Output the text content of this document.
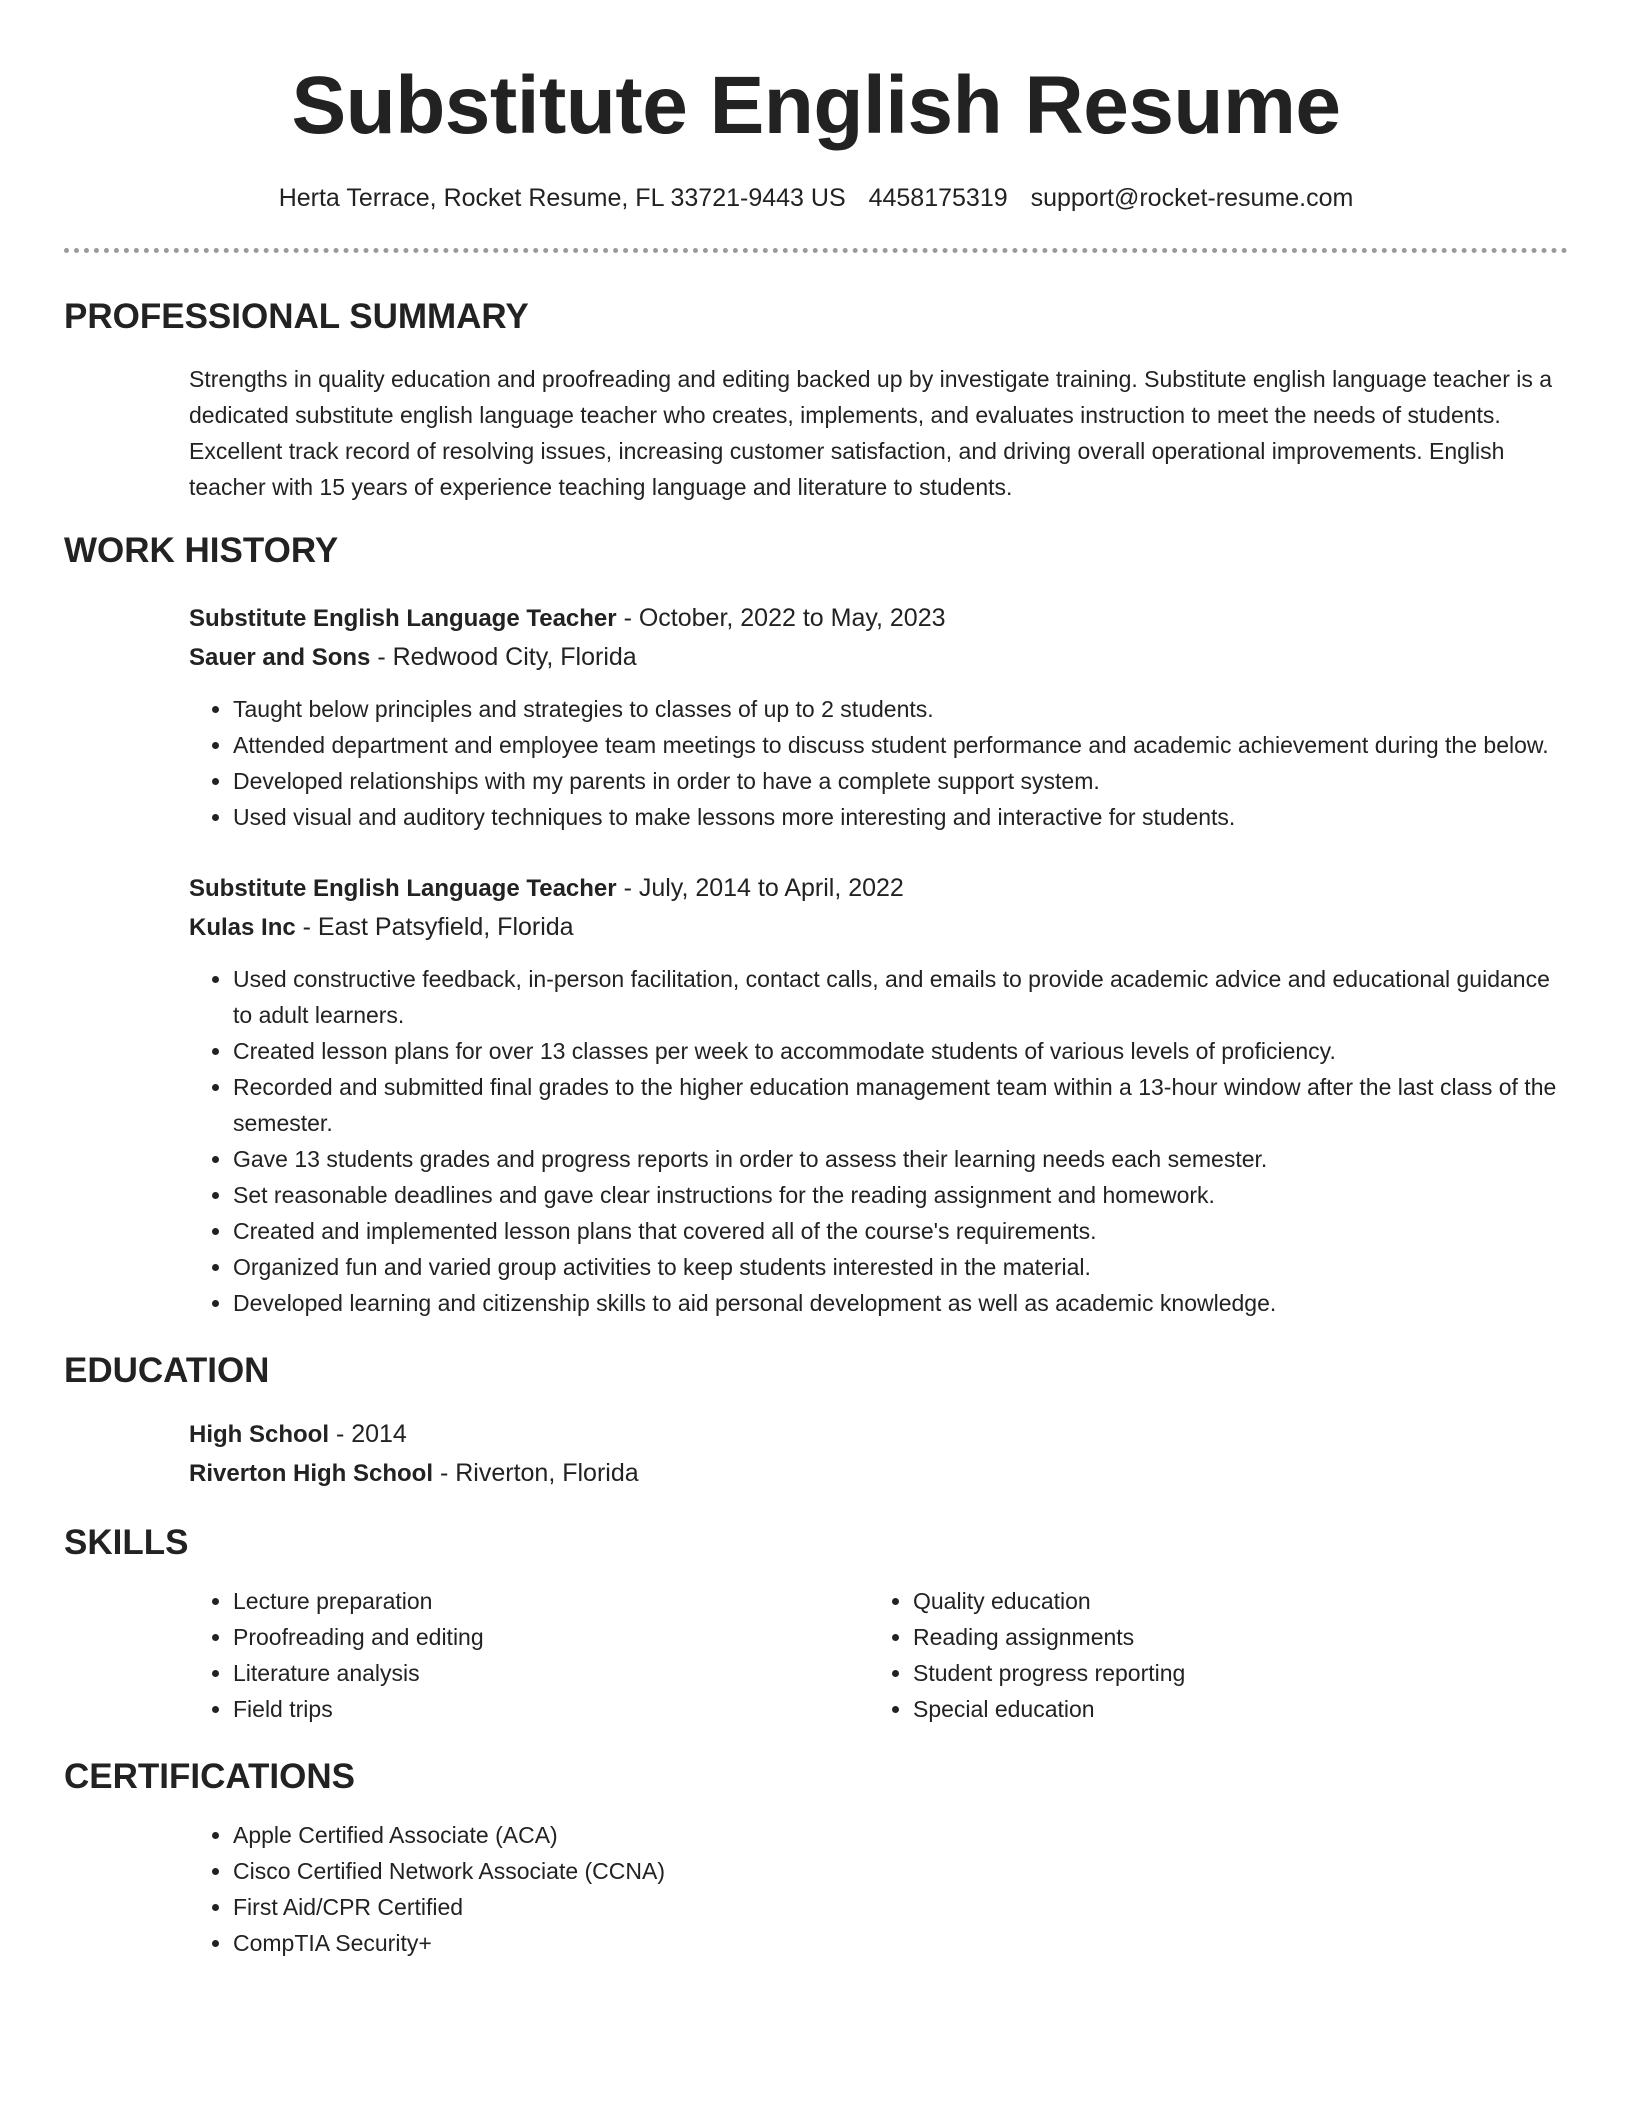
Substitute English Resume
Herta Terrace, Rocket Resume, FL 33721-9443 US 4458175319 support@rocket-resume.com
PROFESSIONAL SUMMARY

Strengths in quality education and proofreading and editing backed up by investigate training. Substitute english language teacher is a dedicated substitute english language teacher who creates, implements, and evaluates instruction to meet the needs of students. Excellent track record of resolving issues, increasing customer satisfaction, and driving overall operational improvements. English teacher with 15 years of experience teaching language and literature to students.

WORK HISTORY
Substitute English Language Teacher - October, 2022 to May, 2023
Sauer and Sons - Redwood City, Florida
• Taught below principles and strategies to classes of up to 2 students.
• Attended department and employee team meetings to discuss student performance and academic achievement during the below.
• Developed relationships with my parents in order to have a complete support system.
• Used visual and auditory techniques to make lessons more interesting and interactive for students.
Substitute English Language Teacher - July, 2014 to April, 2022
Kulas Inc - East Patsyfield, Florida
• Used constructive feedback, in-person facilitation, contact calls, and emails to provide academic advice and educational guidance to adult learners.
• Created lesson plans for over 13 classes per week to accommodate students of various levels of proficiency.
• Recorded and submitted final grades to the higher education management team within a 13-hour window after the last class of the semester.
• Gave 13 students grades and progress reports in order to assess their learning needs each semester.
• Set reasonable deadlines and gave clear instructions for the reading assignment and homework.
• Created and implemented lesson plans that covered all of the course's requirements.
• Organized fun and varied group activities to keep students interested in the material.
• Developed learning and citizenship skills to aid personal development as well as academic knowledge.
EDUCATION
High School - 2014
Riverton High School - Riverton, Florida
SKILLS
• Lecture preparation
• Proofreading and editing
• Literature analysis
• Field trips
• Quality education
• Reading assignments
• Student progress reporting
• Special education
CERTIFICATIONS
• Apple Certified Associate (ACA)
• Cisco Certified Network Associate (CCNA)
• First Aid/CPR Certified
• CompTIA Security+
